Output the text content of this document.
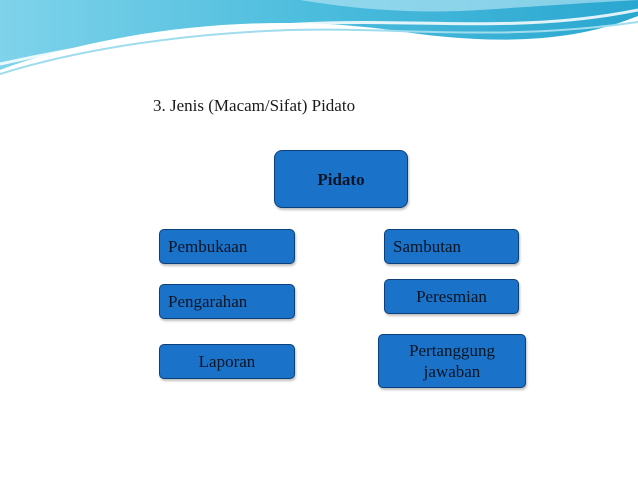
3. Jenis (Macam/Sifat) Pidato
Pidato
Pembukaan
Pengarahan
Laporan
Sambutan
Peresmian
Pertanggung jawaban
